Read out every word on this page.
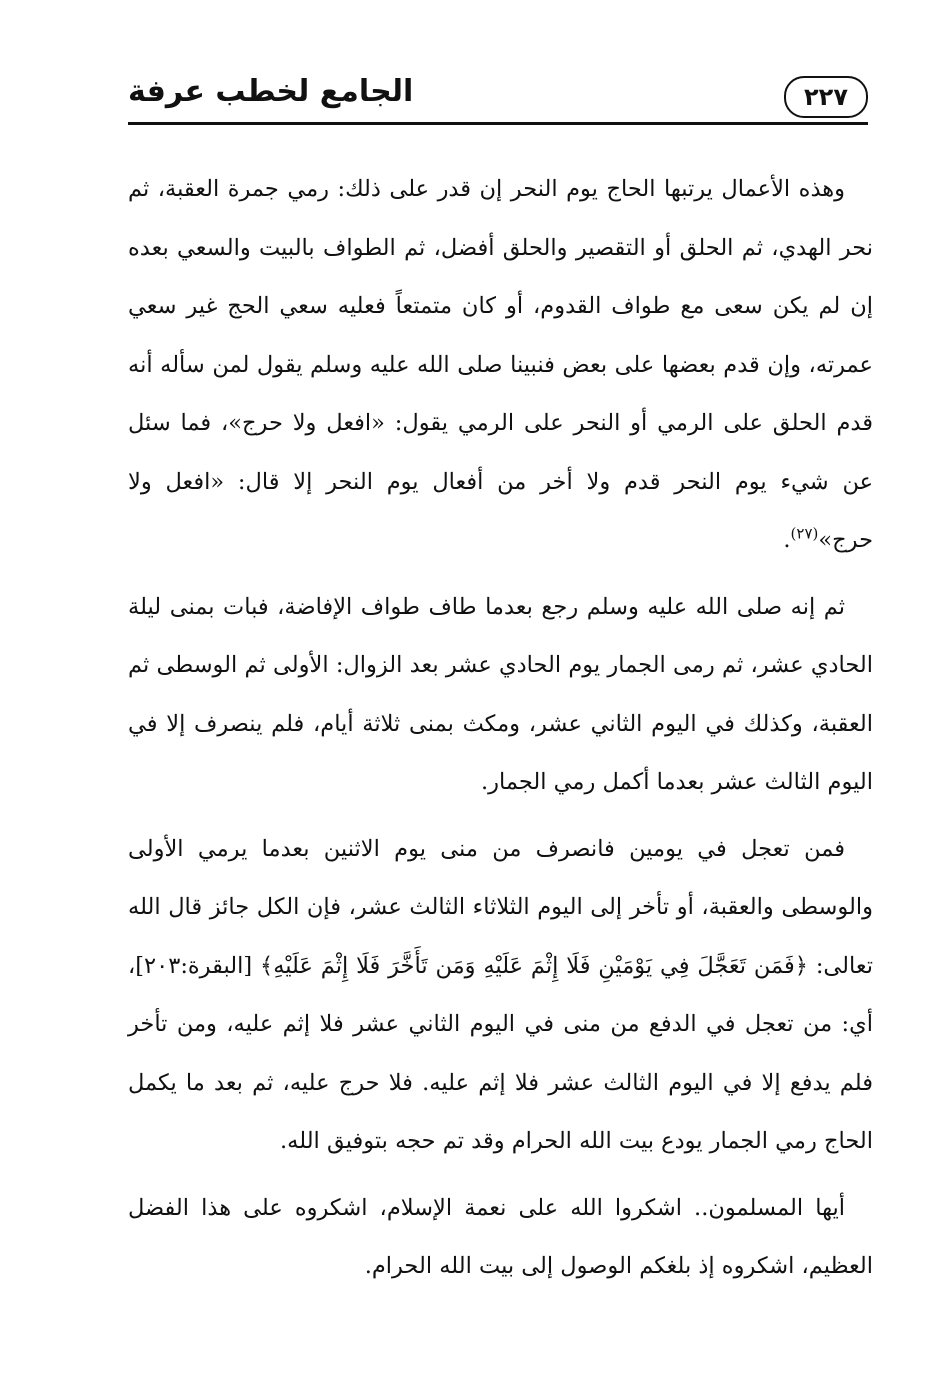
الجامع لخطب عرفة	٢٢٧

وهذه الأعمال يرتبها الحاج يوم النحر إن قدر على ذلك: رمي جمرة العقبة، ثم نحر الهدي، ثم الحلق أو التقصير والحلق أفضل، ثم الطواف بالبيت والسعي بعده إن لم يكن سعى مع طواف القدوم، أو كان متمتعاً فعليه سعي الحج غير سعي عمرته، وإن قدم بعضها على بعض فنبينا صلى الله عليه وسلم يقول لمن سأله أنه قدم الحلق على الرمي أو النحر على الرمي يقول: «افعل ولا حرج»، فما سئل عن شيء يوم النحر قدم ولا أخر من أفعال يوم النحر إلا قال: «افعل ولا حرج»$^{(٢٧)}$.

ثم إنه صلى الله عليه وسلم رجع بعدما طاف طواف الإفاضة، فبات بمنى ليلة الحادي عشر، ثم رمى الجمار يوم الحادي عشر بعد الزوال: الأولى ثم الوسطى ثم العقبة، وكذلك في اليوم الثاني عشر، ومكث بمنى ثلاثة أيام، فلم ينصرف إلا في اليوم الثالث عشر بعدما أكمل رمي الجمار.

فمن تعجل في يومين فانصرف من منى يوم الاثنين بعدما يرمي الأولى والوسطى والعقبة، أو تأخر إلى اليوم الثلاثاء الثالث عشر، فإن الكل جائز قال الله تعالى: ﴿فَمَن تَعَجَّلَ فِي يَوْمَيْنِ فَلَا إِثْمَ عَلَيْهِ وَمَن تَأَخَّرَ فَلَا إِثْمَ عَلَيْهِ﴾ [البقرة:٢٠٣]، أي: من تعجل في الدفع من منى في اليوم الثاني عشر فلا إثم عليه، ومن تأخر فلم يدفع إلا في اليوم الثالث عشر فلا إثم عليه. فلا حرج عليه، ثم بعد ما يكمل الحاج رمي الجمار يودع بيت الله الحرام وقد تم حجه بتوفيق الله.

أيها المسلمون.. اشكروا الله على نعمة الإسلام، اشكروه على هذا الفضل العظيم، اشكروه إذ بلغكم الوصول إلى بيت الله الحرام.
